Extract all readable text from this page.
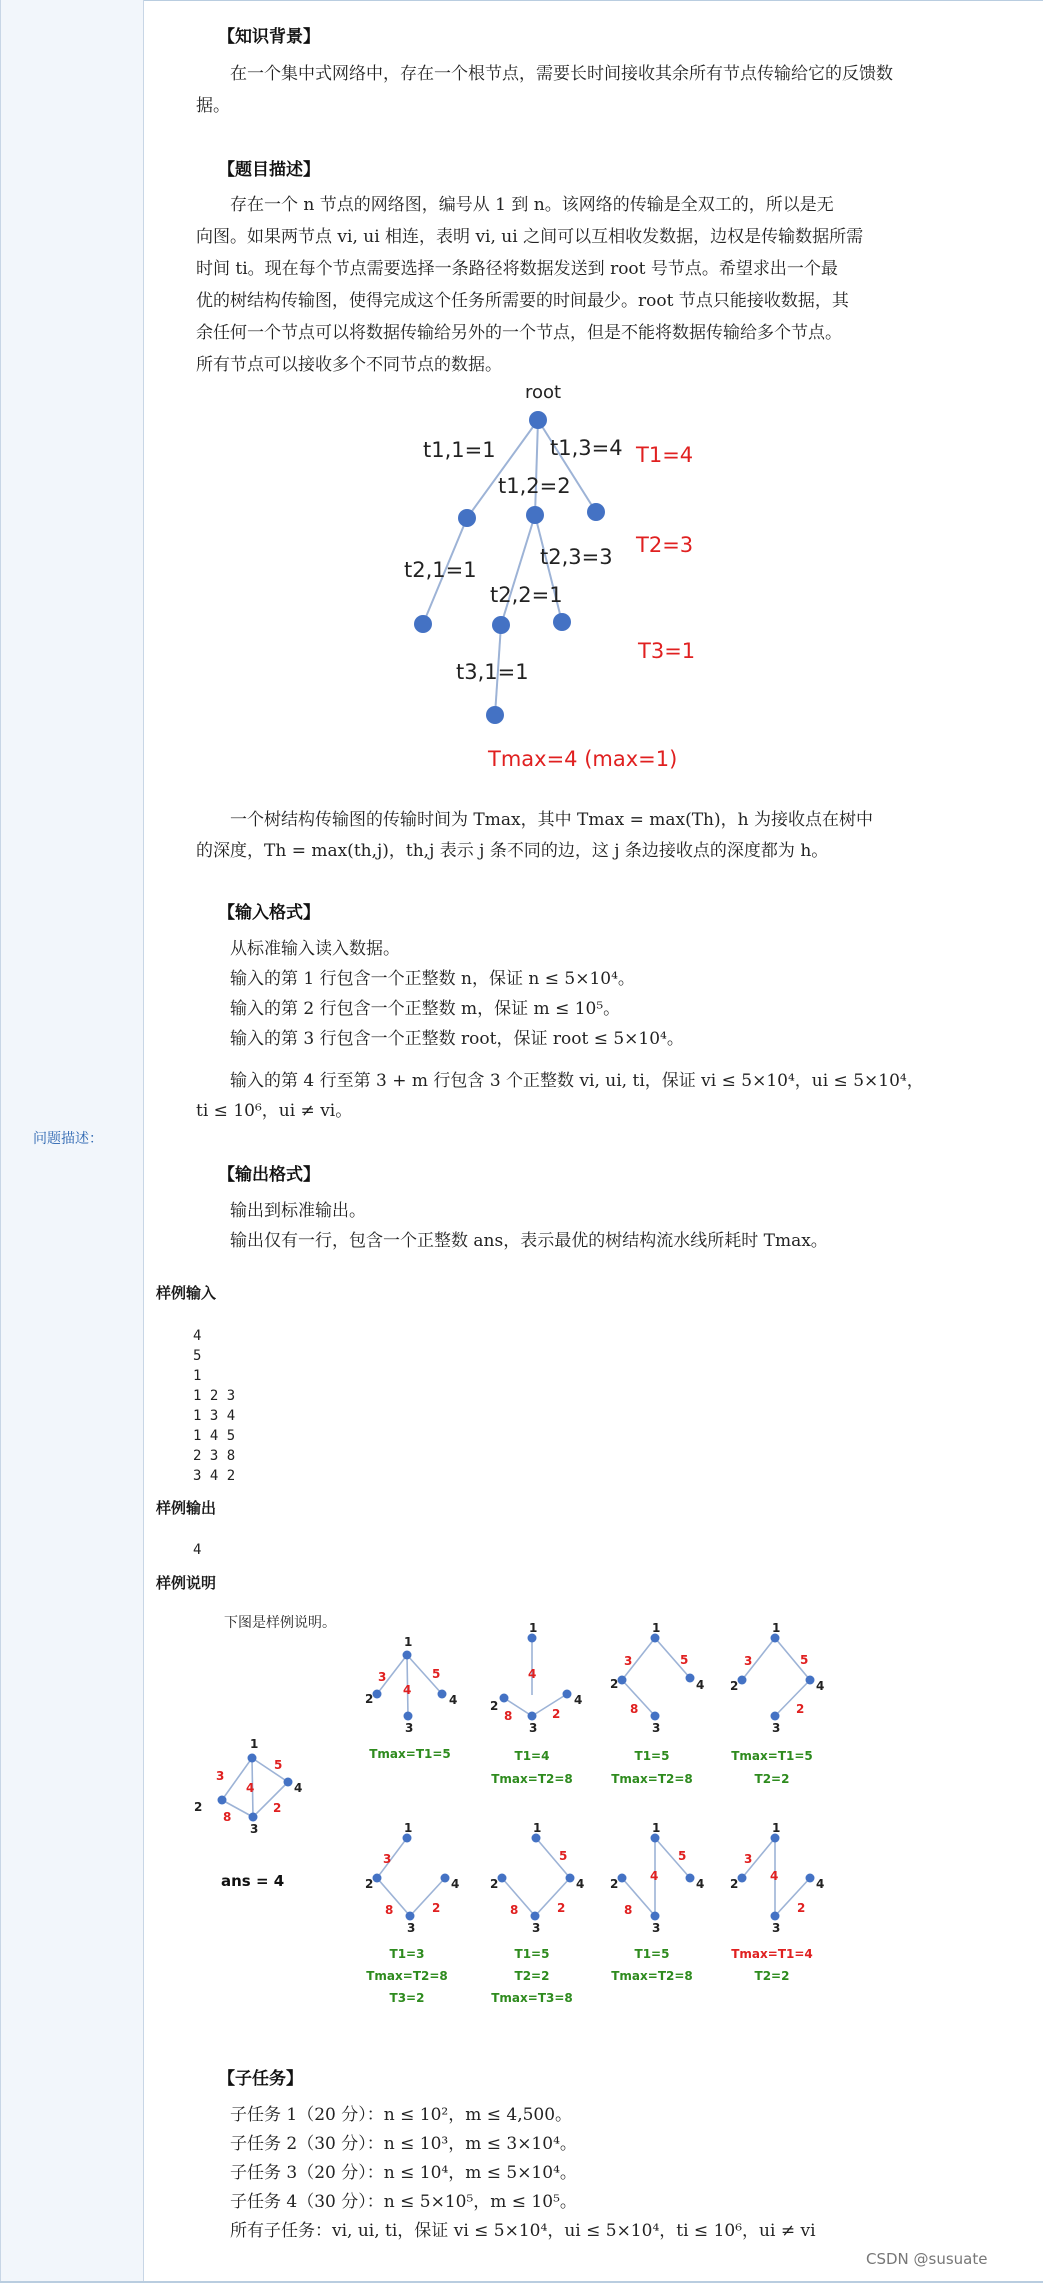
问题描述：
【知识背景】
在一个集中式网络中，存在一个根节点，需要长时间接收其余所有节点传输给它的反馈数据。
【题目描述】
存在一个 n 节点的网络图，编号从 1 到 n。该网络的传输是全双工的，所以是无
向图。如果两节点 vi, ui 相连，表明 vi, ui 之间可以互相收发数据，边权是传输数据所需
时间 ti。现在每个节点需要选择一条路径将数据发送到 root 号节点。希望求出一个最
优的树结构传输图，使得完成这个任务所需要的时间最少。root 节点只能接收数据，其
余任何一个节点可以将数据传输给另外的一个节点，但是不能将数据传输给多个节点。
所有节点可以接收多个不同节点的数据。
root
t1,1=1
t1,2=2
t1,3=4
t2,1=1
t2,2=1
t2,3=3
t3,1=1
T1=4
T2=3
T3=1
Tmax=4 (max=1)
一个树结构传输图的传输时间为 Tmax，其中 Tmax = max(Th)，h 为接收点在树中
的深度，Th = max(th,j)，th,j 表示 j 条不同的边，这 j 条边接收点的深度都为 h。
【输入格式】
从标准输入读入数据。
输入的第 1 行包含一个正整数 n，保证 n ≤ 5×10⁴。
输入的第 2 行包含一个正整数 m，保证 m ≤ 10⁵。
输入的第 3 行包含一个正整数 root，保证 root ≤ 5×10⁴。
输入的第 4 行至第 3 + m 行包含 3 个正整数 vi, ui, ti，保证 vi ≤ 5×10⁴，ui ≤ 5×10⁴，
ti ≤ 10⁶，ui ≠ vi。
【输出格式】
输出到标准输出。
输出仅有一行，包含一个正整数 ans，表示最优的树结构流水线所耗时 Tmax。
样例输入
4
5
1
1 2 3
1 3 4
1 4 5
2 3 8
3 4 2
样例输出
4
样例说明
下图是样例说明。
1
2
3
4
3
5
4
8
2
ans = 4
1
2	4
3
3	5
4
Tmax=T1=5
1
2	4
3
4
8	2
T1=4
Tmax=T2=8
1
2	4
3
3	5
8
T1=5
Tmax=T2=8
1
2	4
3
3	5
2
Tmax=T1=5
T2=2
1
2	4
3
3
8	2
T1=3
Tmax=T2=8
T3=2
1
2	4
3
5
8	2
T1=5
T2=2
Tmax=T3=8
1
2	4
3
5
4
8
T1=5
Tmax=T2=8
1
2	4
3
3
4
2
Tmax=T1=4
T2=2
【子任务】
子任务 1（20 分）：n ≤ 10²，m ≤ 4,500。
子任务 2（30 分）：n ≤ 10³，m ≤ 3×10⁴。
子任务 3（20 分）：n ≤ 10⁴，m ≤ 5×10⁴。
子任务 4（30 分）：n ≤ 5×10⁵，m ≤ 10⁵。
所有子任务：vi, ui, ti，保证 vi ≤ 5×10⁴，ui ≤ 5×10⁴，ti ≤ 10⁶，ui ≠ vi
CSDN @susuate
